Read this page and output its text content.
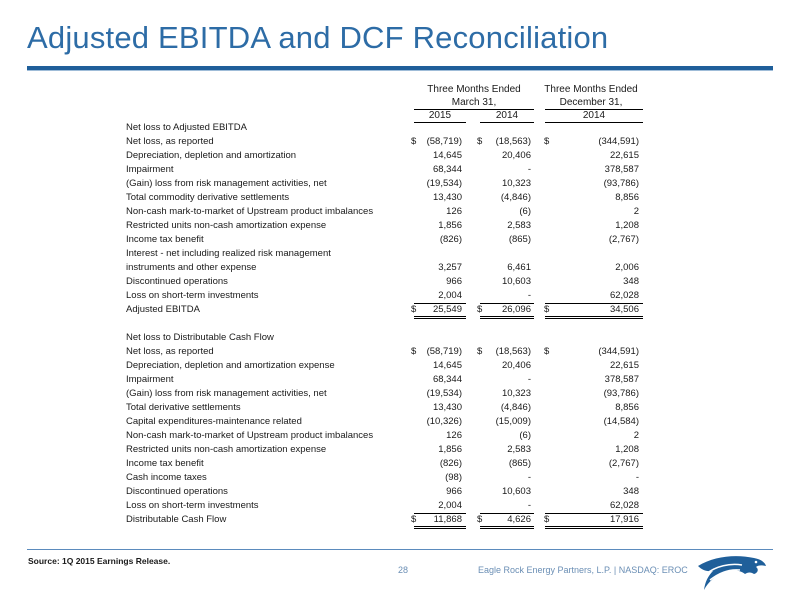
Adjusted EBITDA and DCF Reconciliation
Three Months Ended
March 31,
Three Months Ended
December 31,
2015	2014	2014
Net loss to Adjusted EBITDA
Net loss, as reported	$	(58,719) $	(18,563) $	(344,591)
Depreciation, depletion and amortization	14,645	20,406	22,615
Impairment	68,344	-	378,587
(Gain) loss from risk management activities, net	(19,534)	10,323	(93,786)
Total commodity derivative settlements	13,430	(4,846)	8,856
Non-cash mark-to-market of Upstream product imbalances	126	(6)	2
Restricted units non-cash amortization expense	1,856	2,583	1,208
Income tax benefit	(826)	(865)	(2,767)
Interest - net including realized risk management
instruments and other expense	3,257	6,461	2,006
Discontinued operations	966	10,603	348
Loss on short-term investments	2,004	-	62,028
Adjusted EBITDA	$	25,549 $	26,096 $	34,506
Net loss to Distributable Cash Flow
Net loss, as reported	$	(58,719) $	(18,563) $	(344,591)
Depreciation, depletion and amortization expense	14,645	20,406	22,615
Impairment	68,344	-	378,587
(Gain) loss from risk management activities, net	(19,534)	10,323	(93,786)
Total derivative settlements	13,430	(4,846)	8,856
Capital expenditures-maintenance related	(10,326)	(15,009)	(14,584)
Non-cash mark-to-market of Upstream product imbalances	126	(6)	2
Restricted units non-cash amortization expense	1,856	2,583	1,208
Income tax benefit	(826)	(865)	(2,767)
Cash income taxes	(98)	-	-
Discontinued operations	966	10,603	348
Loss on short-term investments	2,004	-	62,028
Distributable Cash Flow	$	11,868 $	4,626 $	17,916
Source: 1Q 2015 Earnings Release.
28	Eagle Rock Energy Partners, L.P. | NASDAQ: EROC
